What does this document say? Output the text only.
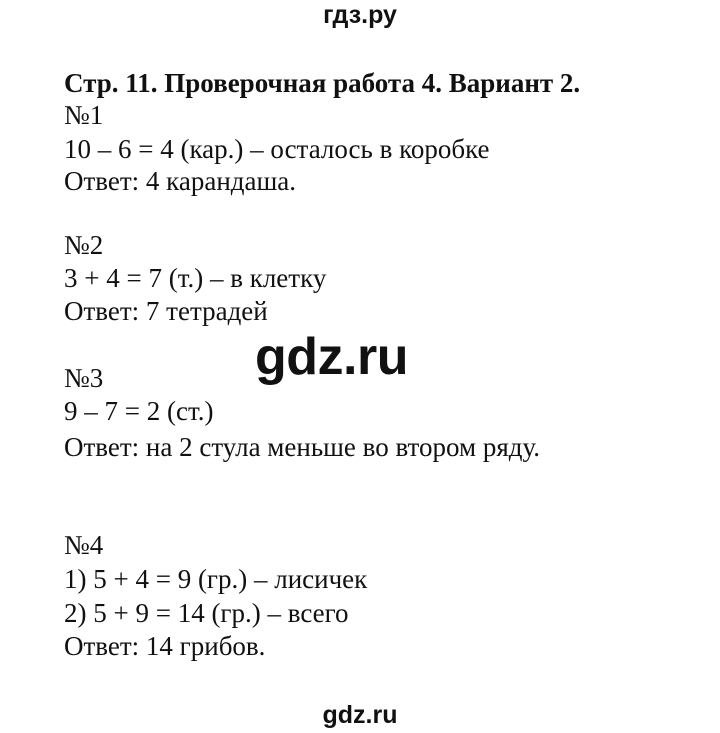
гдз.ру
Стр. 11. Проверочная работа 4. Вариант 2.
№1
10 – 6 = 4 (кар.) – осталось в коробке
Ответ: 4 карандаша.
№2
3 + 4 = 7 (т.) – в клетку
Ответ: 7 тетрадей
№3
9 – 7 = 2 (ст.)
Ответ: на 2 стула меньше во втором ряду.
№4
1) 5 + 4 = 9 (гр.) – лисичек
2) 5 + 9 = 14 (гр.) – всего
Ответ: 14 грибов.
gdz.ru
gdz.ru
